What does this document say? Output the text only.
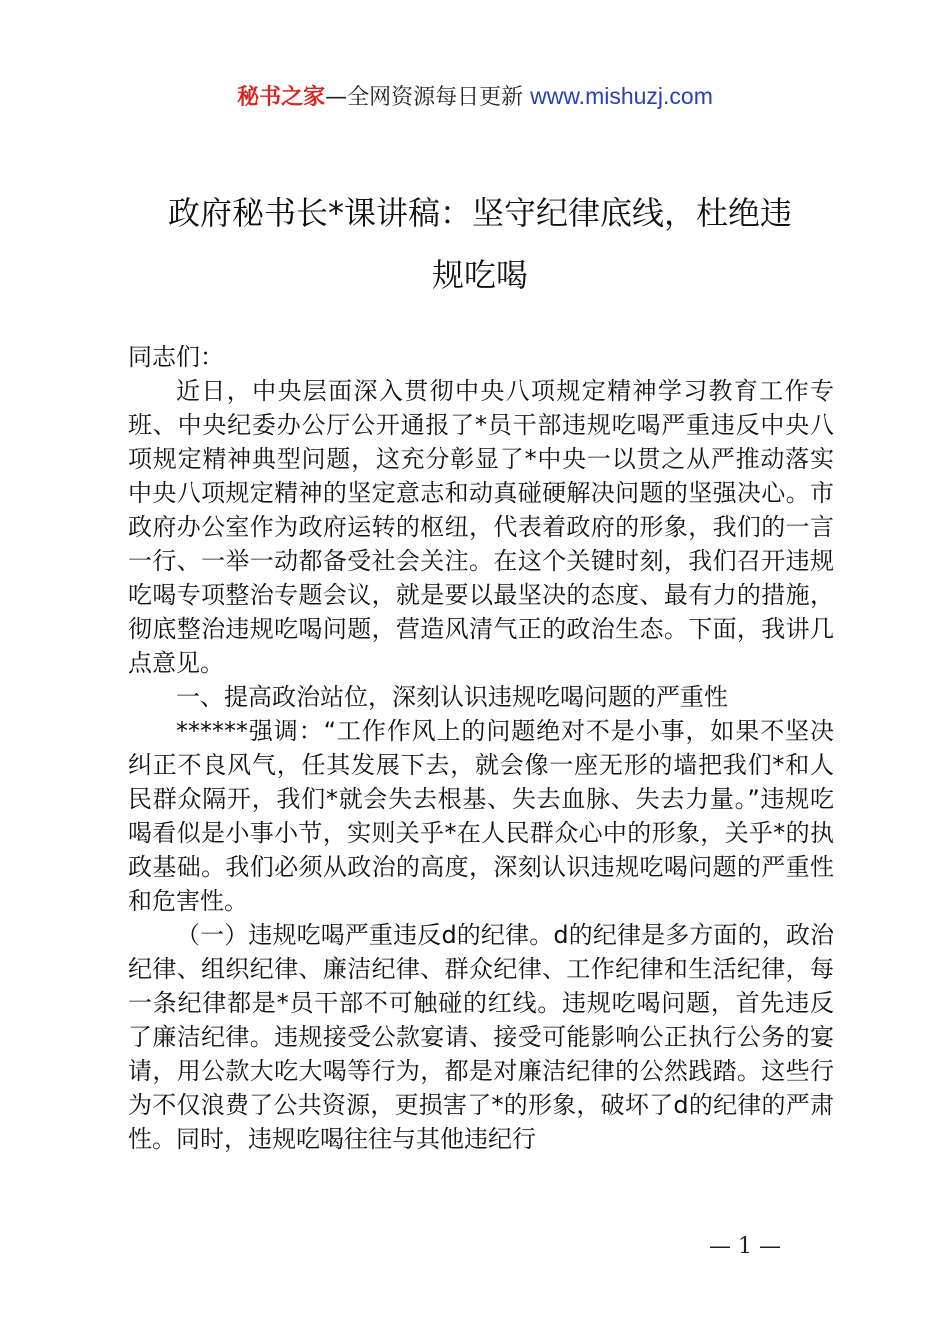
秘书之家—全网资源每日更新 www.mishuzj.com
政府秘书长*课讲稿：坚守纪律底线，杜绝违
规吃喝

同志们：

近日，中央层面深入贯彻中央八项规定精神学习教育工作专班、中央纪委办公厅公开通报了*员干部违规吃喝严重违反中央八项规定精神典型问题，这充分彰显了*中央一以贯之从严推动落实中央八项规定精神的坚定意志和动真碰硬解决问题的坚强决心。市政府办公室作为政府运转的枢纽，代表着政府的形象，我们的一言一行、一举一动都备受社会关注。在这个关键时刻，我们召开违规吃喝专项整治专题会议，就是要以最坚决的态度、最有力的措施，彻底整治违规吃喝问题，营造风清气正的政治生态。下面，我讲几点意见。

一、提高政治站位，深刻认识违规吃喝问题的严重性

******强调：“工作作风上的问题绝对不是小事，如果不坚决纠正不良风气，任其发展下去，就会像一座无形的墙把我们*和人民群众隔开，我们*就会失去根基、失去血脉、失去力量。”违规吃喝看似是小事小节，实则关乎*在人民群众心中的形象，关乎*的执政基础。我们必须从政治的高度，深刻认识违规吃喝问题的严重性和危害性。

（一）违规吃喝严重违反d的纪律。d的纪律是多方面的，政治纪律、组织纪律、廉洁纪律、群众纪律、工作纪律和生活纪律，每一条纪律都是*员干部不可触碰的红线。违规吃喝问题，首先违反了廉洁纪律。违规接受公款宴请、接受可能影响公正执行公务的宴请，用公款大吃大喝等行为，都是对廉洁纪律的公然践踏。这些行为不仅浪费了公共资源，更损害了*的形象，破坏了d的纪律的严肃性。同时，违规吃喝往往与其他违纪行

— 1 —
